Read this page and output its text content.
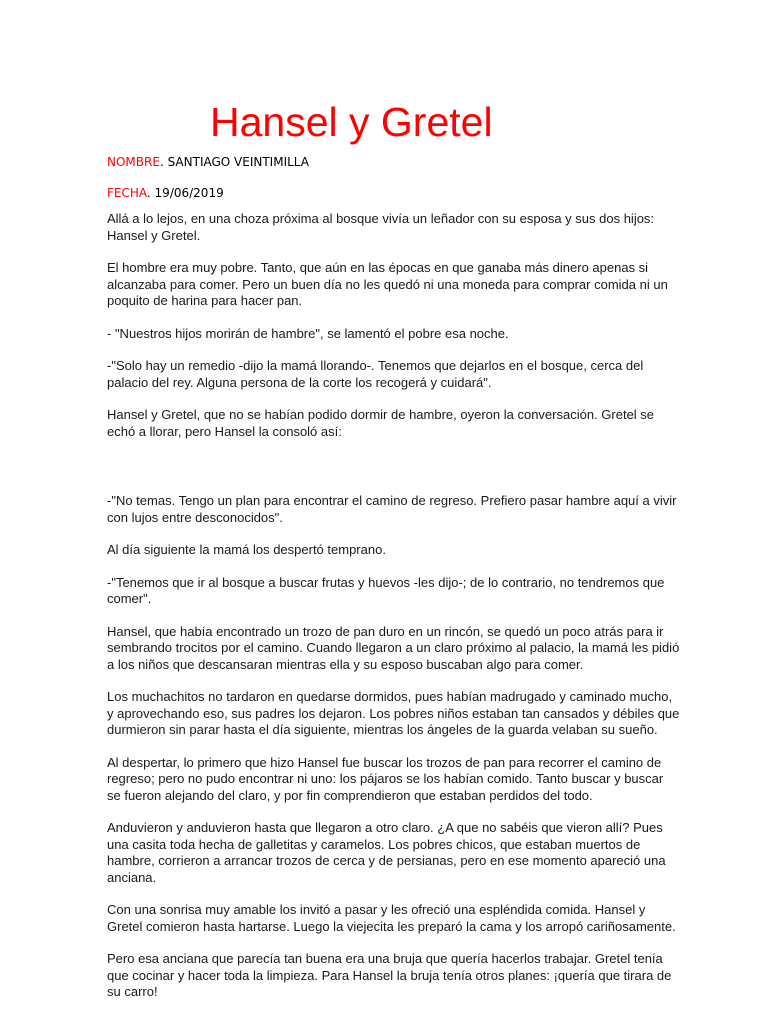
Hansel y Gretel

NOMBRE. SANTIAGO VEINTIMILLA

FECHA. 19/06/2019

Allá a lo lejos, en una choza próxima al bosque vivía un leñador con su esposa y sus dos hijos:
Hansel y Gretel.

El hombre era muy pobre. Tanto, que aún en las épocas en que ganaba más dinero apenas si
alcanzaba para comer. Pero un buen día no les quedó ni una moneda para comprar comida ni un
poquito de harina para hacer pan.

- "Nuestros hijos morirán de hambre", se lamentó el pobre esa noche.

-"Solo hay un remedio -dijo la mamá llorando-. Tenemos que dejarlos en el bosque, cerca del
palacio del rey. Alguna persona de la corte los recogerá y cuidará".

Hansel y Gretel, que no se habían podido dormir de hambre, oyeron la conversación. Gretel se
echó a llorar, pero Hansel la consoló así:

-"No temas. Tengo un plan para encontrar el camino de regreso. Prefiero pasar hambre aquí a vivir
con lujos entre desconocidos".

Al día siguiente la mamá los despertó temprano.

-"Tenemos que ir al bosque a buscar frutas y huevos -les dijo-; de lo contrario, no tendremos que
comer".

Hansel, que había encontrado un trozo de pan duro en un rincón, se quedó un poco atrás para ir
sembrando trocitos por el camino. Cuando llegaron a un claro próximo al palacio, la mamá les pidió
a los niños que descansaran mientras ella y su esposo buscaban algo para comer.

Los muchachitos no tardaron en quedarse dormidos, pues habían madrugado y caminado mucho,
y aprovechando eso, sus padres los dejaron. Los pobres niños estaban tan cansados y débiles que
durmieron sin parar hasta el día siguiente, mientras los ángeles de la guarda velaban su sueño.

Al despertar, lo primero que hizo Hansel fue buscar los trozos de pan para recorrer el camino de
regreso; pero no pudo encontrar ni uno: los pájaros se los habían comido. Tanto buscar y buscar
se fueron alejando del claro, y por fin comprendieron que estaban perdidos del todo.

Anduvieron y anduvieron hasta que llegaron a otro claro. ¿A que no sabéis que vieron allí? Pues
una casita toda hecha de galletitas y caramelos. Los pobres chicos, que estaban muertos de
hambre, corrieron a arrancar trozos de cerca y de persianas, pero en ese momento apareció una
anciana.

Con una sonrisa muy amable los invitó a pasar y les ofreció una espléndida comida. Hansel y
Gretel comieron hasta hartarse. Luego la viejecita les preparó la cama y los arropó cariñosamente.

Pero esa anciana que parecía tan buena era una bruja que quería hacerlos trabajar. Gretel tenía
que cocinar y hacer toda la limpieza. Para Hansel la bruja tenía otros planes: ¡quería que tirara de
su carro!
